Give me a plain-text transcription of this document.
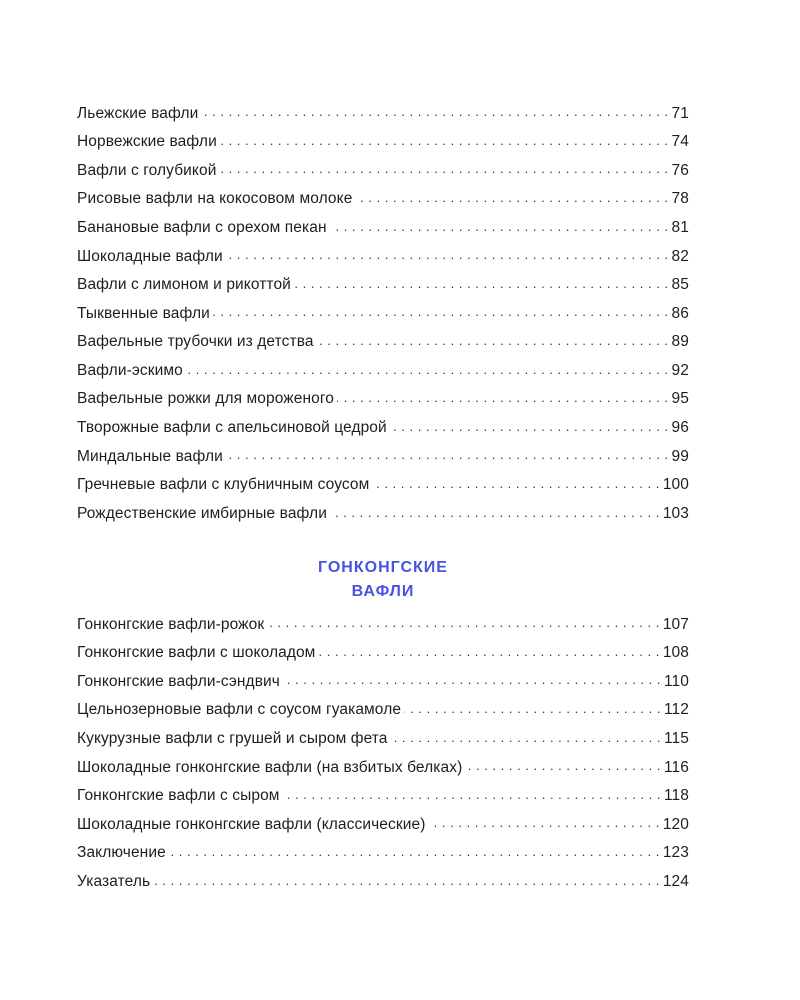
Льежские вафли . . .	71
Норвежские вафли . . .	74
Вафли с голубикой . . .	76
Рисовые вафли на кокосовом молоке . . .	78
Банановые вафли с орехом пекан . . .	81
Шоколадные вафли . . .	82
Вафли с лимоном и рикоттой . . .	85
Тыквенные вафли . . .	86
Вафельные трубочки из детства . . .	89
Вафли-эскимо . . .	92
Вафельные рожки для мороженого . . .	95
Творожные вафли с апельсиновой цедрой . . .	96
Миндальные вафли . . .	99
Гречневые вафли с клубничным соусом . . .	100
Рождественские имбирные вафли . . .	103
ГОНКОНГСКИЕ
ВАФЛИ
Гонконгские вафли-рожок . . .	107
Гонконгские вафли с шоколадом . . .	108
Гонконгские вафли-сэндвич . . .	110
Цельнозерновые вафли с соусом гуакамоле . . .	112
Кукурузные вафли с грушей и сыром фета . . .	115
Шоколадные гонконгские вафли (на взбитых белках) . . .	116
Гонконгские вафли с сыром . . .	118
Шоколадные гонконгские вафли (классические) . . .	120
Заключение . . .	123
Указатель . . .	124
